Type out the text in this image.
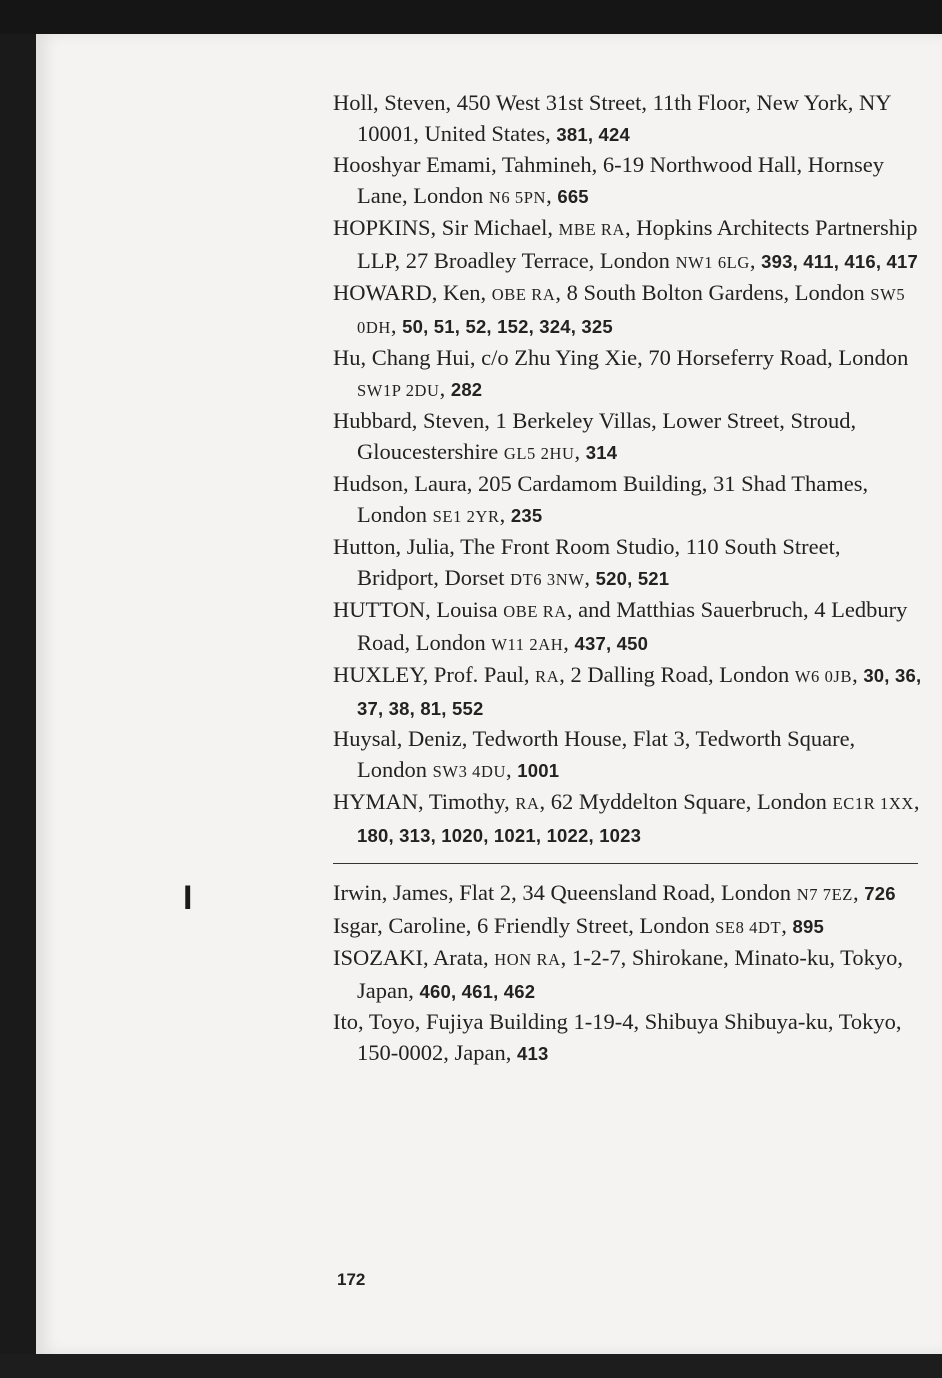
Holl, Steven, 450 West 31st Street, 11th Floor, New York, NY 10001, United States, 381, 424
Hooshyar Emami, Tahmineh, 6-19 Northwood Hall, Hornsey Lane, London N6 5PN, 665
HOPKINS, Sir Michael, MBE RA, Hopkins Architects Partnership LLP, 27 Broadley Terrace, London NW1 6LG, 393, 411, 416, 417
HOWARD, Ken, OBE RA, 8 South Bolton Gardens, London SW5 0DH, 50, 51, 52, 152, 324, 325
Hu, Chang Hui, c/o Zhu Ying Xie, 70 Horseferry Road, London SW1P 2DU, 282
Hubbard, Steven, 1 Berkeley Villas, Lower Street, Stroud, Gloucestershire GL5 2HU, 314
Hudson, Laura, 205 Cardamom Building, 31 Shad Thames, London SE1 2YR, 235
Hutton, Julia, The Front Room Studio, 110 South Street, Bridport, Dorset DT6 3NW, 520, 521
HUTTON, Louisa OBE RA, and Matthias Sauerbruch, 4 Ledbury Road, London W11 2AH, 437, 450
HUXLEY, Prof. Paul, RA, 2 Dalling Road, London W6 0JB, 30, 36, 37, 38, 81, 552
Huysal, Deniz, Tedworth House, Flat 3, Tedworth Square, London SW3 4DU, 1001
HYMAN, Timothy, RA, 62 Myddelton Square, London EC1R 1XX, 180, 313, 1020, 1021, 1022, 1023
I	Irwin, James, Flat 2, 34 Queensland Road, London N7 7EZ, 726
Isgar, Caroline, 6 Friendly Street, London SE8 4DT, 895
ISOZAKI, Arata, HON RA, 1-2-7, Shirokane, Minato-ku, Tokyo, Japan, 460, 461, 462
Ito, Toyo, Fujiya Building 1-19-4, Shibuya Shibuya-ku, Tokyo, 150-0002, Japan, 413
172
